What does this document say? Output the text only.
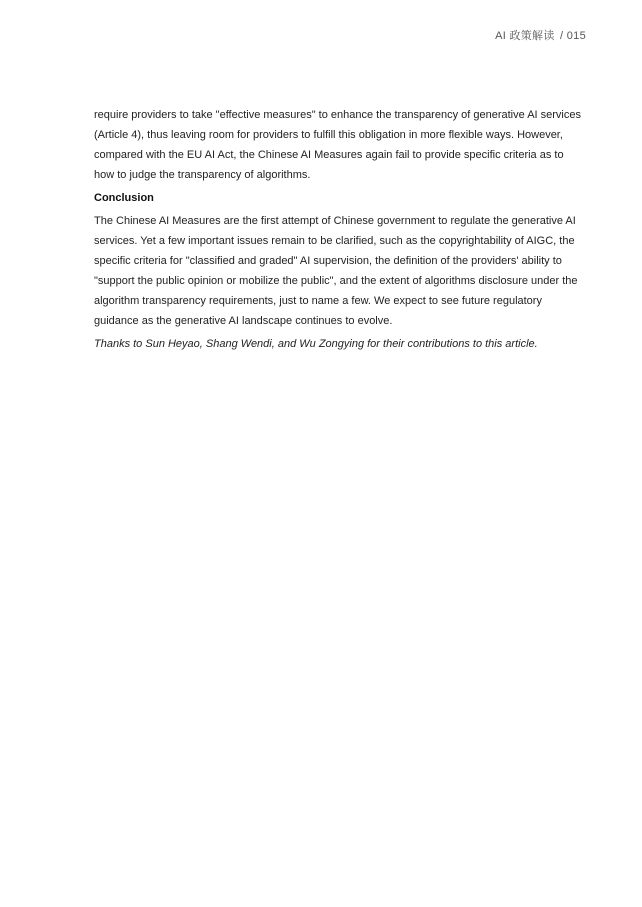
AI 政策解读 / 015

require providers to take "effective measures" to enhance the transparency of generative AI services (Article 4), thus leaving room for providers to fulfill this obligation in more flexible ways. However, compared with the EU AI Act, the Chinese AI Measures again fail to provide specific criteria as to how to judge the transparency of algorithms.

Conclusion

The Chinese AI Measures are the first attempt of Chinese government to regulate the generative AI services. Yet a few important issues remain to be clarified, such as the copyrightability of AIGC, the specific criteria for "classified and graded" AI supervision, the definition of the providers' ability to "support the public opinion or mobilize the public", and the extent of algorithms disclosure under the algorithm transparency requirements, just to name a few. We expect to see future regulatory guidance as the generative AI landscape continues to evolve.

Thanks to Sun Heyao, Shang Wendi, and Wu Zongying for their contributions to this article.
